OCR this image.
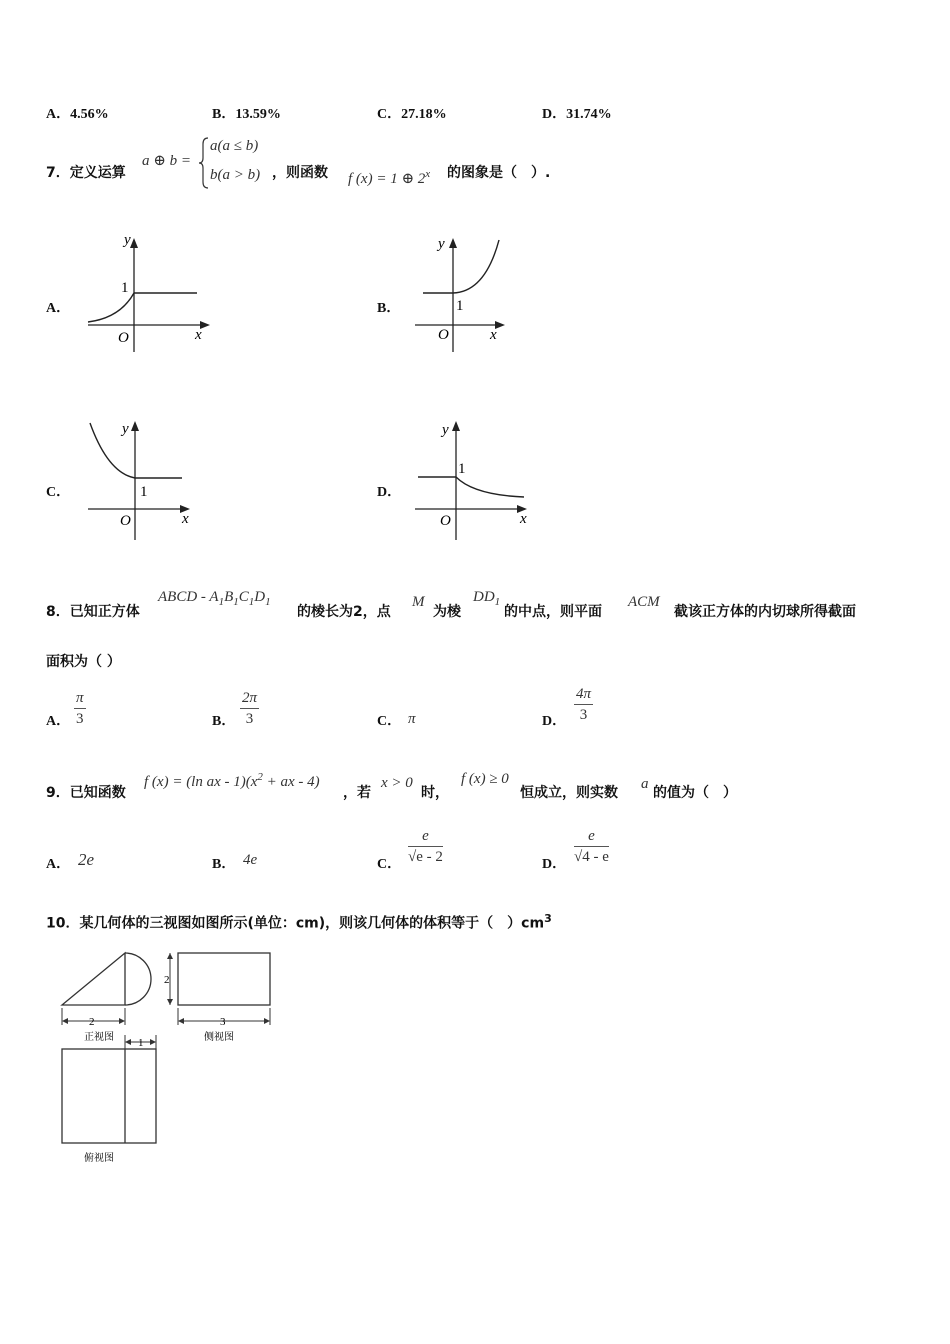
A．4.56%	B．13.59%	C．27.18%	D．31.74%
7．定义运算
a ⊕ b =
a(a ≤ b)
b(a > b) ，则函数 f (x) = 1 ⊕ 2$^x$ 的图象是（　）.
A．	B．
C．	D．
y
x
O
1
y
x
O
1
y
x
O
1
y
x
O
1
8．已知正方体
ABCD - $A_1B_1C_1D_1$
的棱长为2，点
M
为棱
$DD_1$
的中点，则平面
ACM
截该正方体的内切球所得截面
面积为（ ）
A． $\frac{\pi}{3}$	B． $\frac{2\pi}{3}$	C． π	D． $\frac{4\pi}{3}$
9．已知函数
f (x) = (ln ax - $1)(x^2$ + ax - 4)
，若
x > 0
时，
f (x) ≥ 0
恒成立，则实数
a
的值为（　）
A． 2e	B． 4e	C． $\frac{e}{√e - 2}$	D． $\frac{e}{√4 - e}$
10．某几何体的三视图如图所示(单位：cm)，则该几何体的体积等于（　）$cm^3$
2
正视图
2
3
侧视图
1
俯视图
